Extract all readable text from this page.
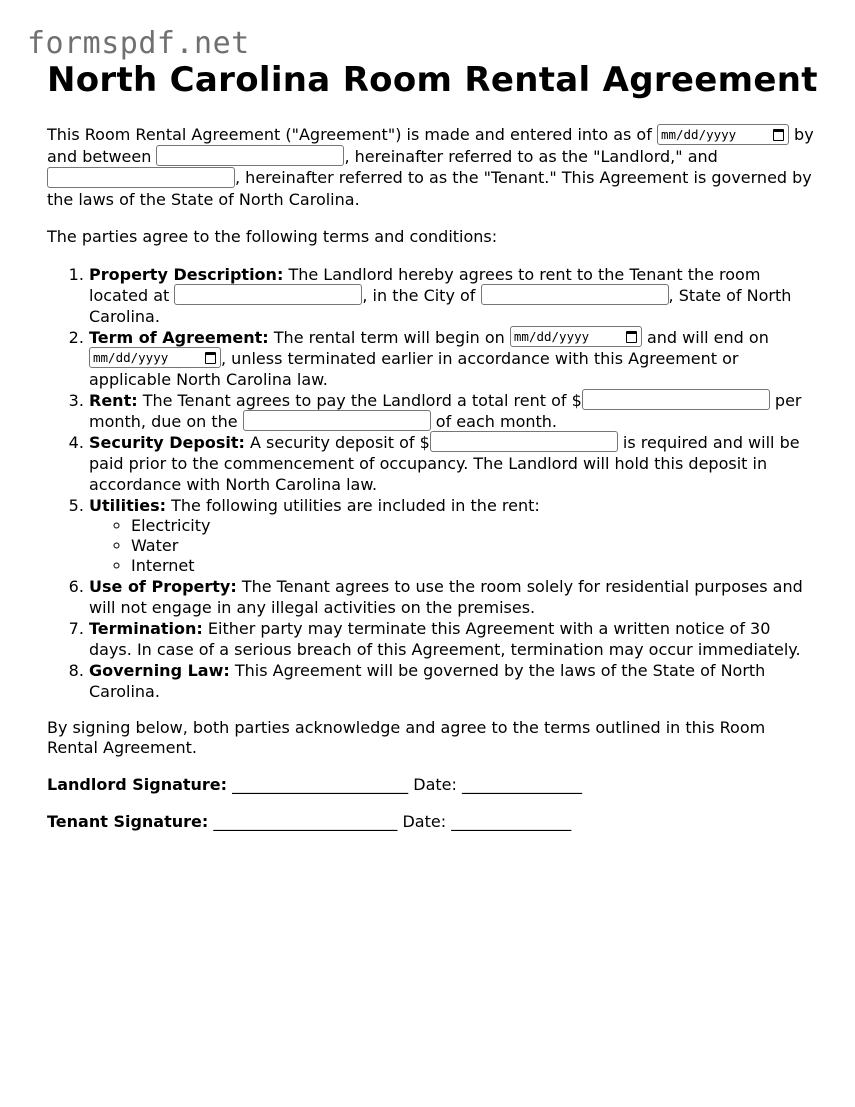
formspdf.net
North Carolina Room Rental Agreement

This Room Rental Agreement ("Agreement") is made and entered into as of mm/dd/yyyy	by and between	, hereinafter referred to as the "Landlord," and , hereinafter referred to as the "Tenant." This Agreement is governed by the laws of the State of North Carolina.

The parties agree to the following terms and conditions:

1. Property Description: The Landlord hereby agrees to rent to the Tenant the room located at	, in the City of	, State of North Carolina.
2. Term of Agreement: The rental term will begin on mm/dd/yyyy	and will end on mm/dd/yyyy	, unless terminated earlier in accordance with this Agreement or applicable North Carolina law.
3. Rent: The Tenant agrees to pay the Landlord a total rent of $	per month, due on the	of each month.
4. Security Deposit: A security deposit of $	is required and will be paid prior to the commencement of occupancy. The Landlord will hold this deposit in accordance with North Carolina law.
5. Utilities: The following utilities are included in the rent:
◦ Electricity
◦ Water
◦ Internet
6. Use of Property: The Tenant agrees to use the room solely for residential purposes and will not engage in any illegal activities on the premises.
7. Termination: Either party may terminate this Agreement with a written notice of 30 days. In case of a serious breach of this Agreement, termination may occur immediately.
8. Governing Law: This Agreement will be governed by the laws of the State of North Carolina.

By signing below, both parties acknowledge and agree to the terms outlined in this Room Rental Agreement.

Landlord Signature: ______________________ Date: _______________

Tenant Signature: _______________________ Date: _______________
